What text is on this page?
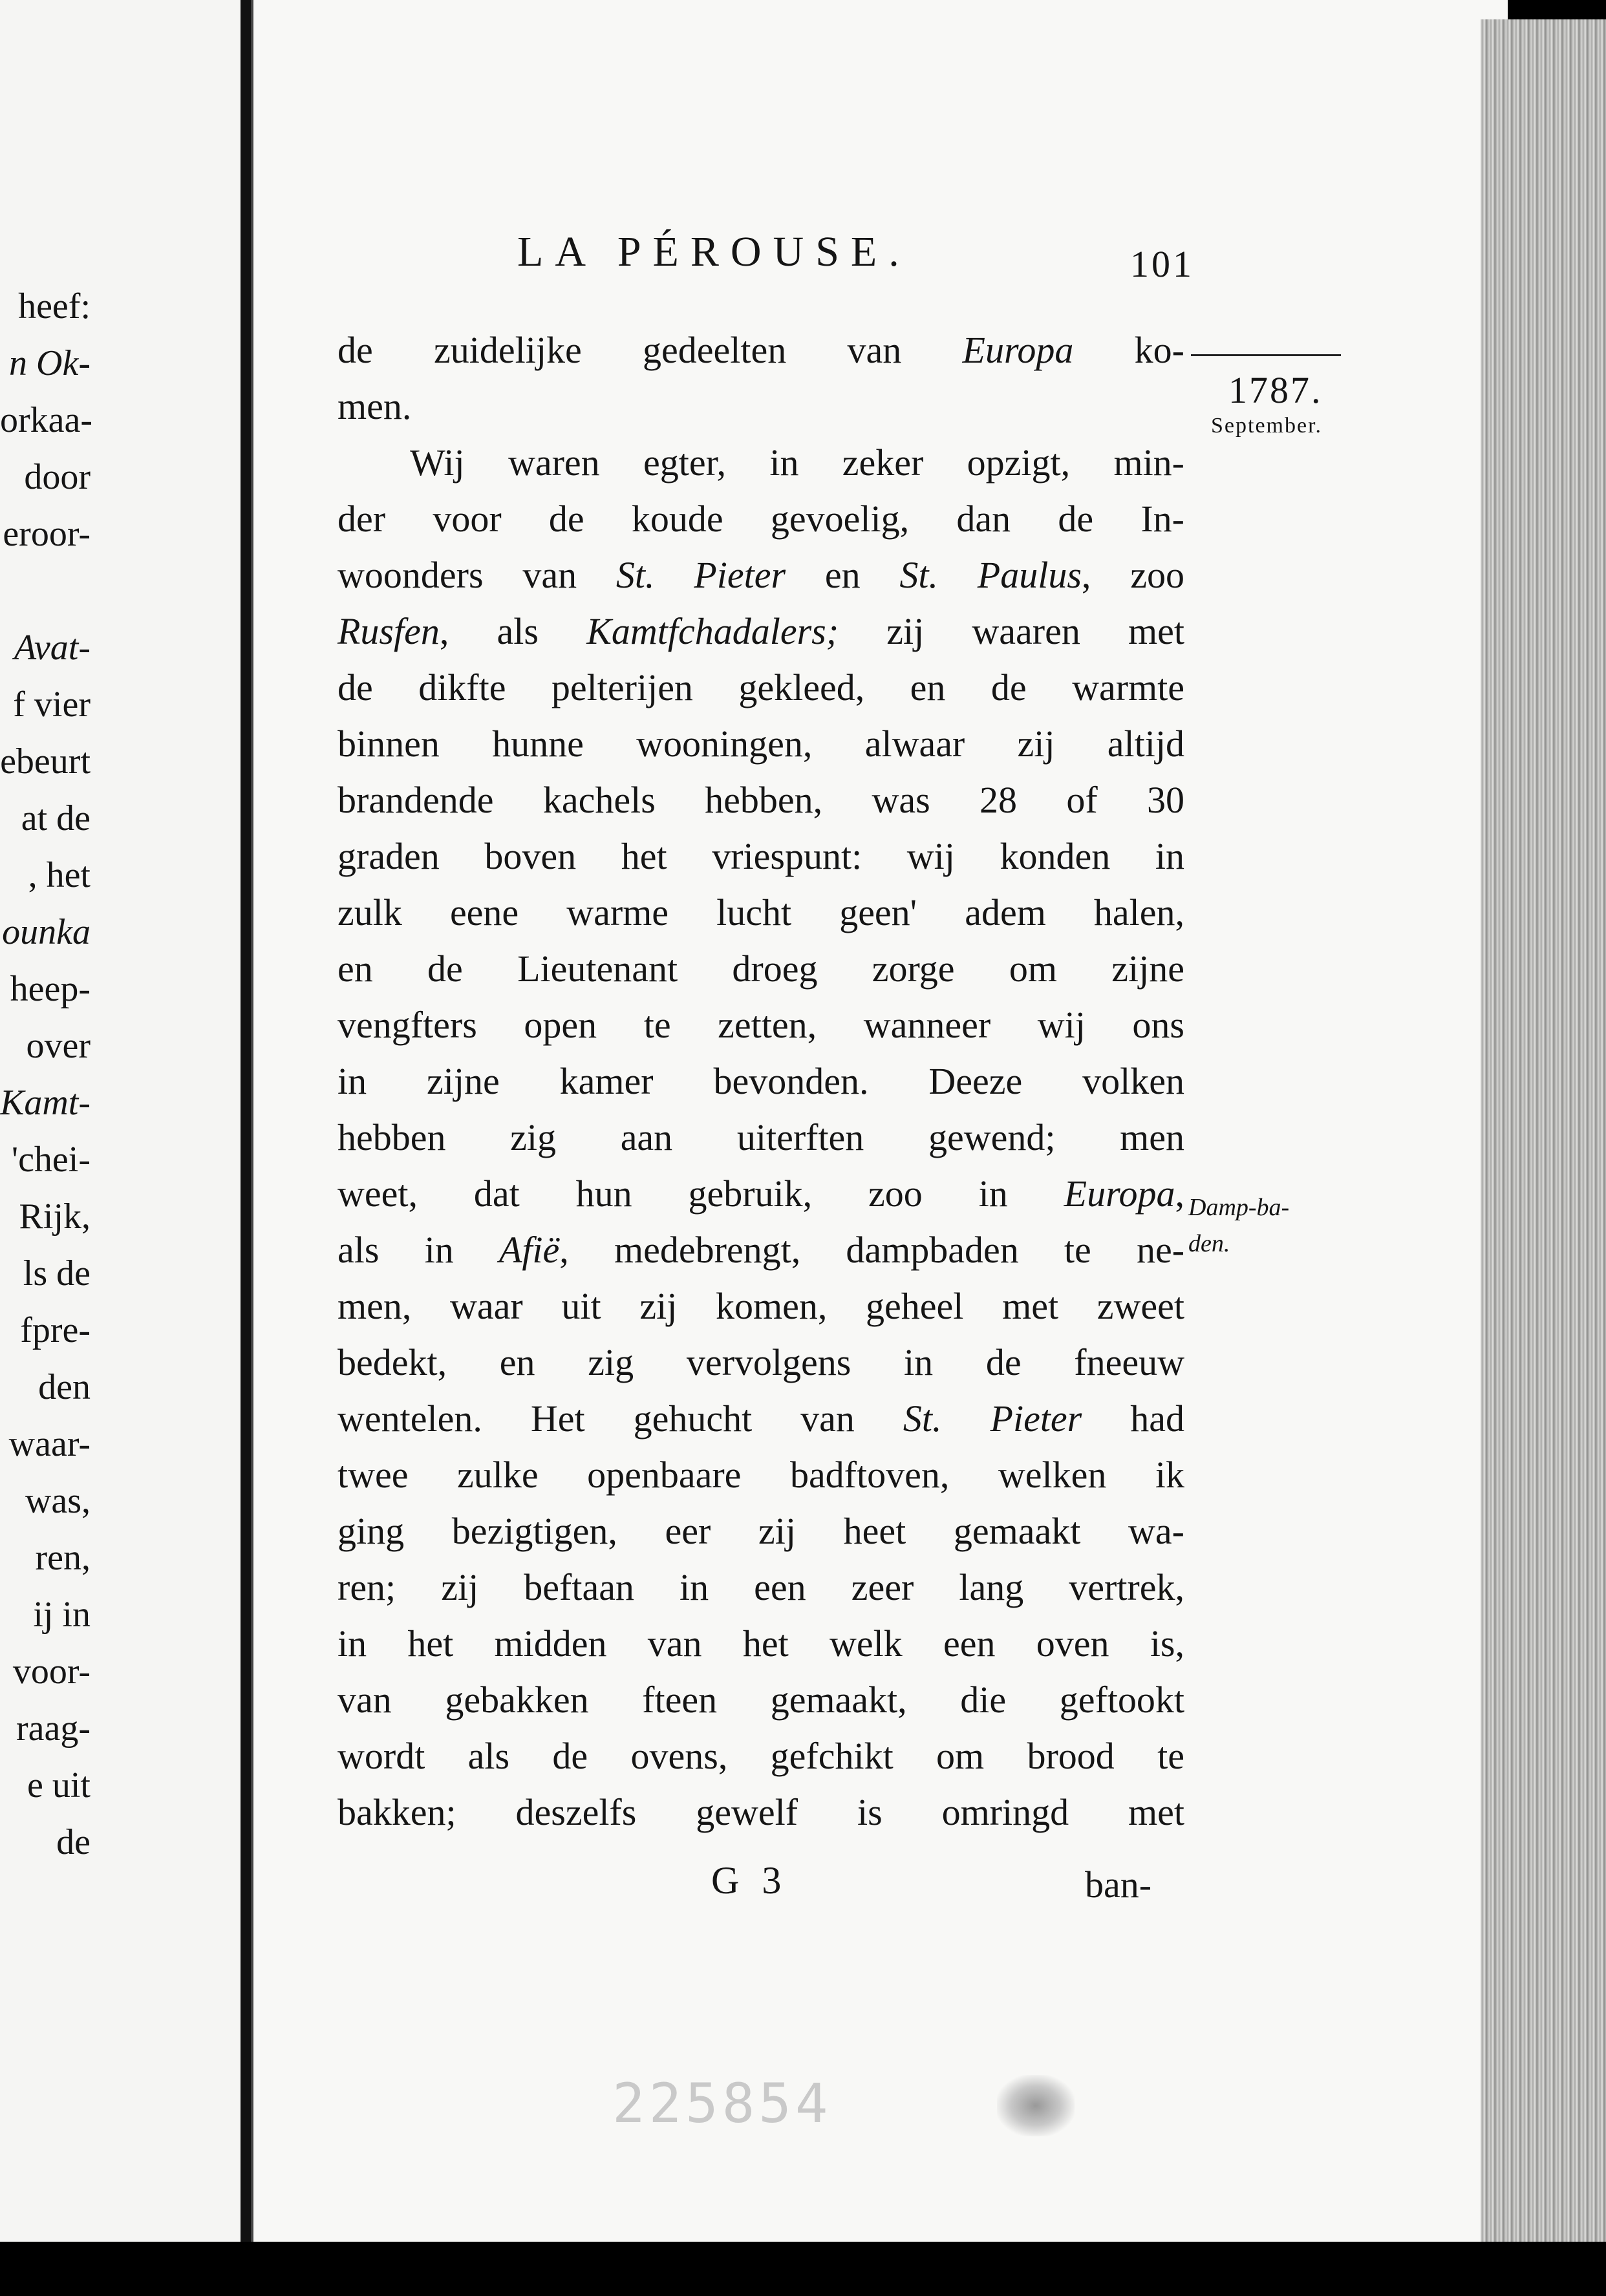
heef:
n Ok-
orkaa-
door
eroor-
Avat-
f vier
ebeurt
at de
, het
ounka
heep-
over
Kamt-
'chei-
Rijk,
ls de
fpre-
den
waar-
was,
ren,
ij in
voor-
raag-
e uit
de
225854
LA PÉROUSE.	101
1787.
September.
Damp-ba-den.
de zuidelijke gedeelten van Europa ko-
men.
Wij waren egter, in zeker opzigt, min-
der voor de koude gevoelig, dan de In-
woonders van St. Pieter en St. Paulus, zoo
Rusfen, als Kamtfchadalers; zij waaren met
de dikfte pelterijen gekleed, en de warmte
binnen hunne wooningen, alwaar zij altijd
brandende kachels hebben, was 28 of 30
graden boven het vriespunt: wij konden in
zulk eene warme lucht geen' adem halen,
en de Lieutenant droeg zorge om zijne
vengfters open te zetten, wanneer wij ons
in zijne kamer bevonden. Deeze volken
hebben zig aan uiterften gewend; men
weet, dat hun gebruik, zoo in Europa,
als in Afië, medebrengt, dampbaden te ne-
men, waar uit zij komen, geheel met zweet
bedekt, en zig vervolgens in de fneeuw
wentelen. Het gehucht van St. Pieter had
twee zulke openbaare badftoven, welken ik
ging bezigtigen, eer zij heet gemaakt wa-
ren; zij beftaan in een zeer lang vertrek,
in het midden van het welk een oven is,
van gebakken fteen gemaakt, die geftookt
wordt als de ovens, gefchikt om brood te
bakken; deszelfs gewelf is omringd met
G 3	ban-
